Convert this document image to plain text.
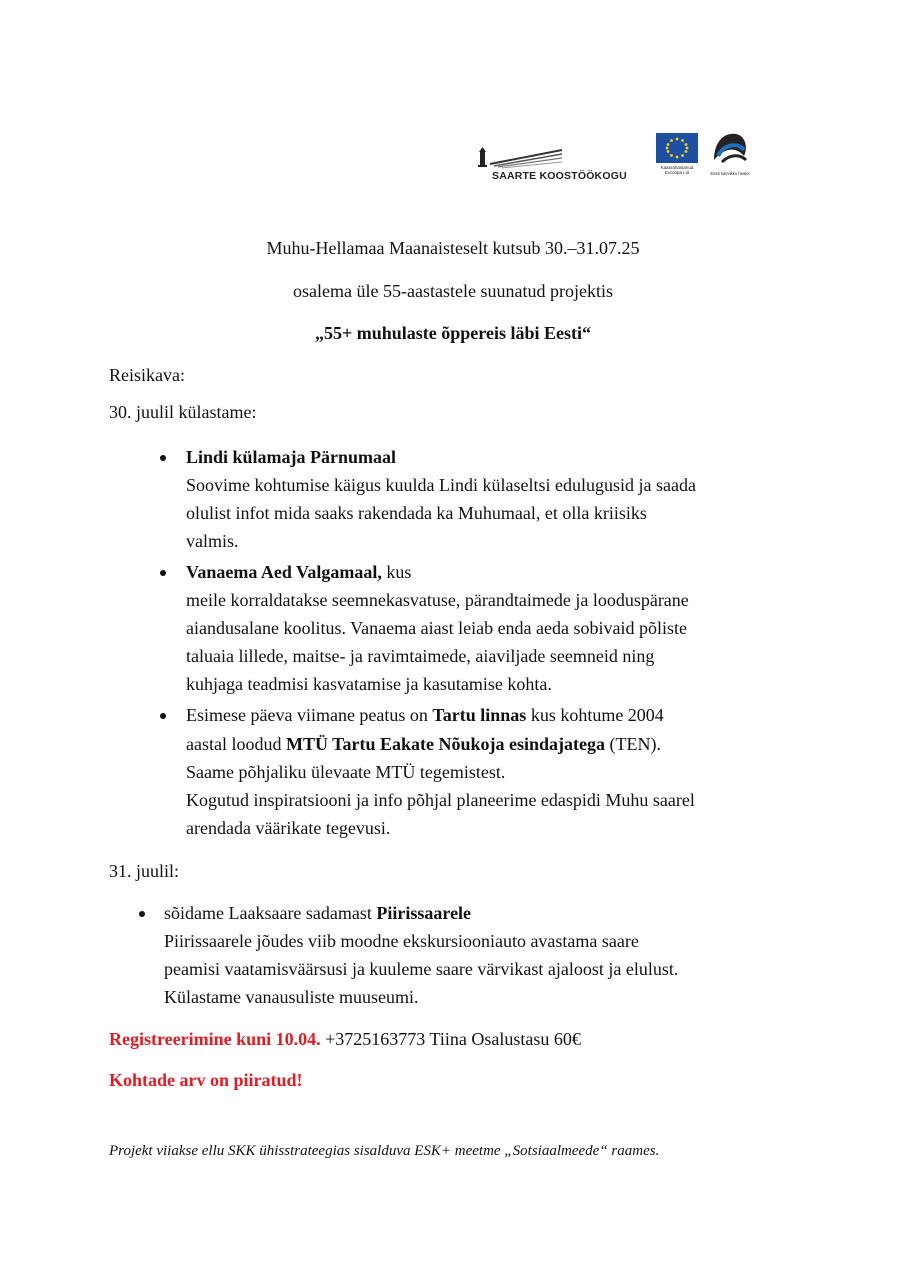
SAARTE KOOSTÖÖKOGU
Kaasrahastanud Euroopa Liit	Eesti tulevikku heaks
Muhu-Hellamaa Maanaisteselt kutsub 30.–31.07.25
osalema üle 55-aastastele suunatud projektis
„55+ muhulaste õppereis läbi Eesti“
Reisikava:
30. juulil külastame:
Lindi külamaja Pärnumaal
Soovime kohtumise käigus kuulda Lindi külaseltsi edulugusid ja saada
olulist infot mida saaks rakendada ka Muhumaal, et olla kriisiks
valmis.
Vanaema Aed Valgamaal, kus
meile korraldatakse seemnekasvatuse, pärandtaimede ja looduspärane
aiandusalane koolitus. Vanaema aiast leiab enda aeda sobivaid põliste
taluaia lillede, maitse- ja ravimtaimede, aiaviljade seemneid ning
kuhjaga teadmisi kasvatamise ja kasutamise kohta.
Esimese päeva viimane peatus on Tartu linnas kus kohtume 2004
aastal loodud MTÜ Tartu Eakate Nõukoja esindajatega (TEN).
Saame põhjaliku ülevaate MTÜ tegemistest.
Kogutud inspiratsiooni ja info põhjal planeerime edaspidi Muhu saarel
arendada väärikate tegevusi.
31. juulil:
sõidame Laaksaare sadamast Piirissaarele
Piirissaarele jõudes viib moodne ekskursiooniauto avastama saare
peamisi vaatamisväärsusi ja kuuleme saare värvikast ajaloost ja elulust.
Külastame vanausuliste muuseumi.
Registreerimine kuni 10.04. +3725163773 Tiina Osalustasu 60€
Kohtade arv on piiratud!
Projekt viiakse ellu SKK ühisstrateegias sisalduva ESK+ meetme „Sotsiaalmeede“ raames.
